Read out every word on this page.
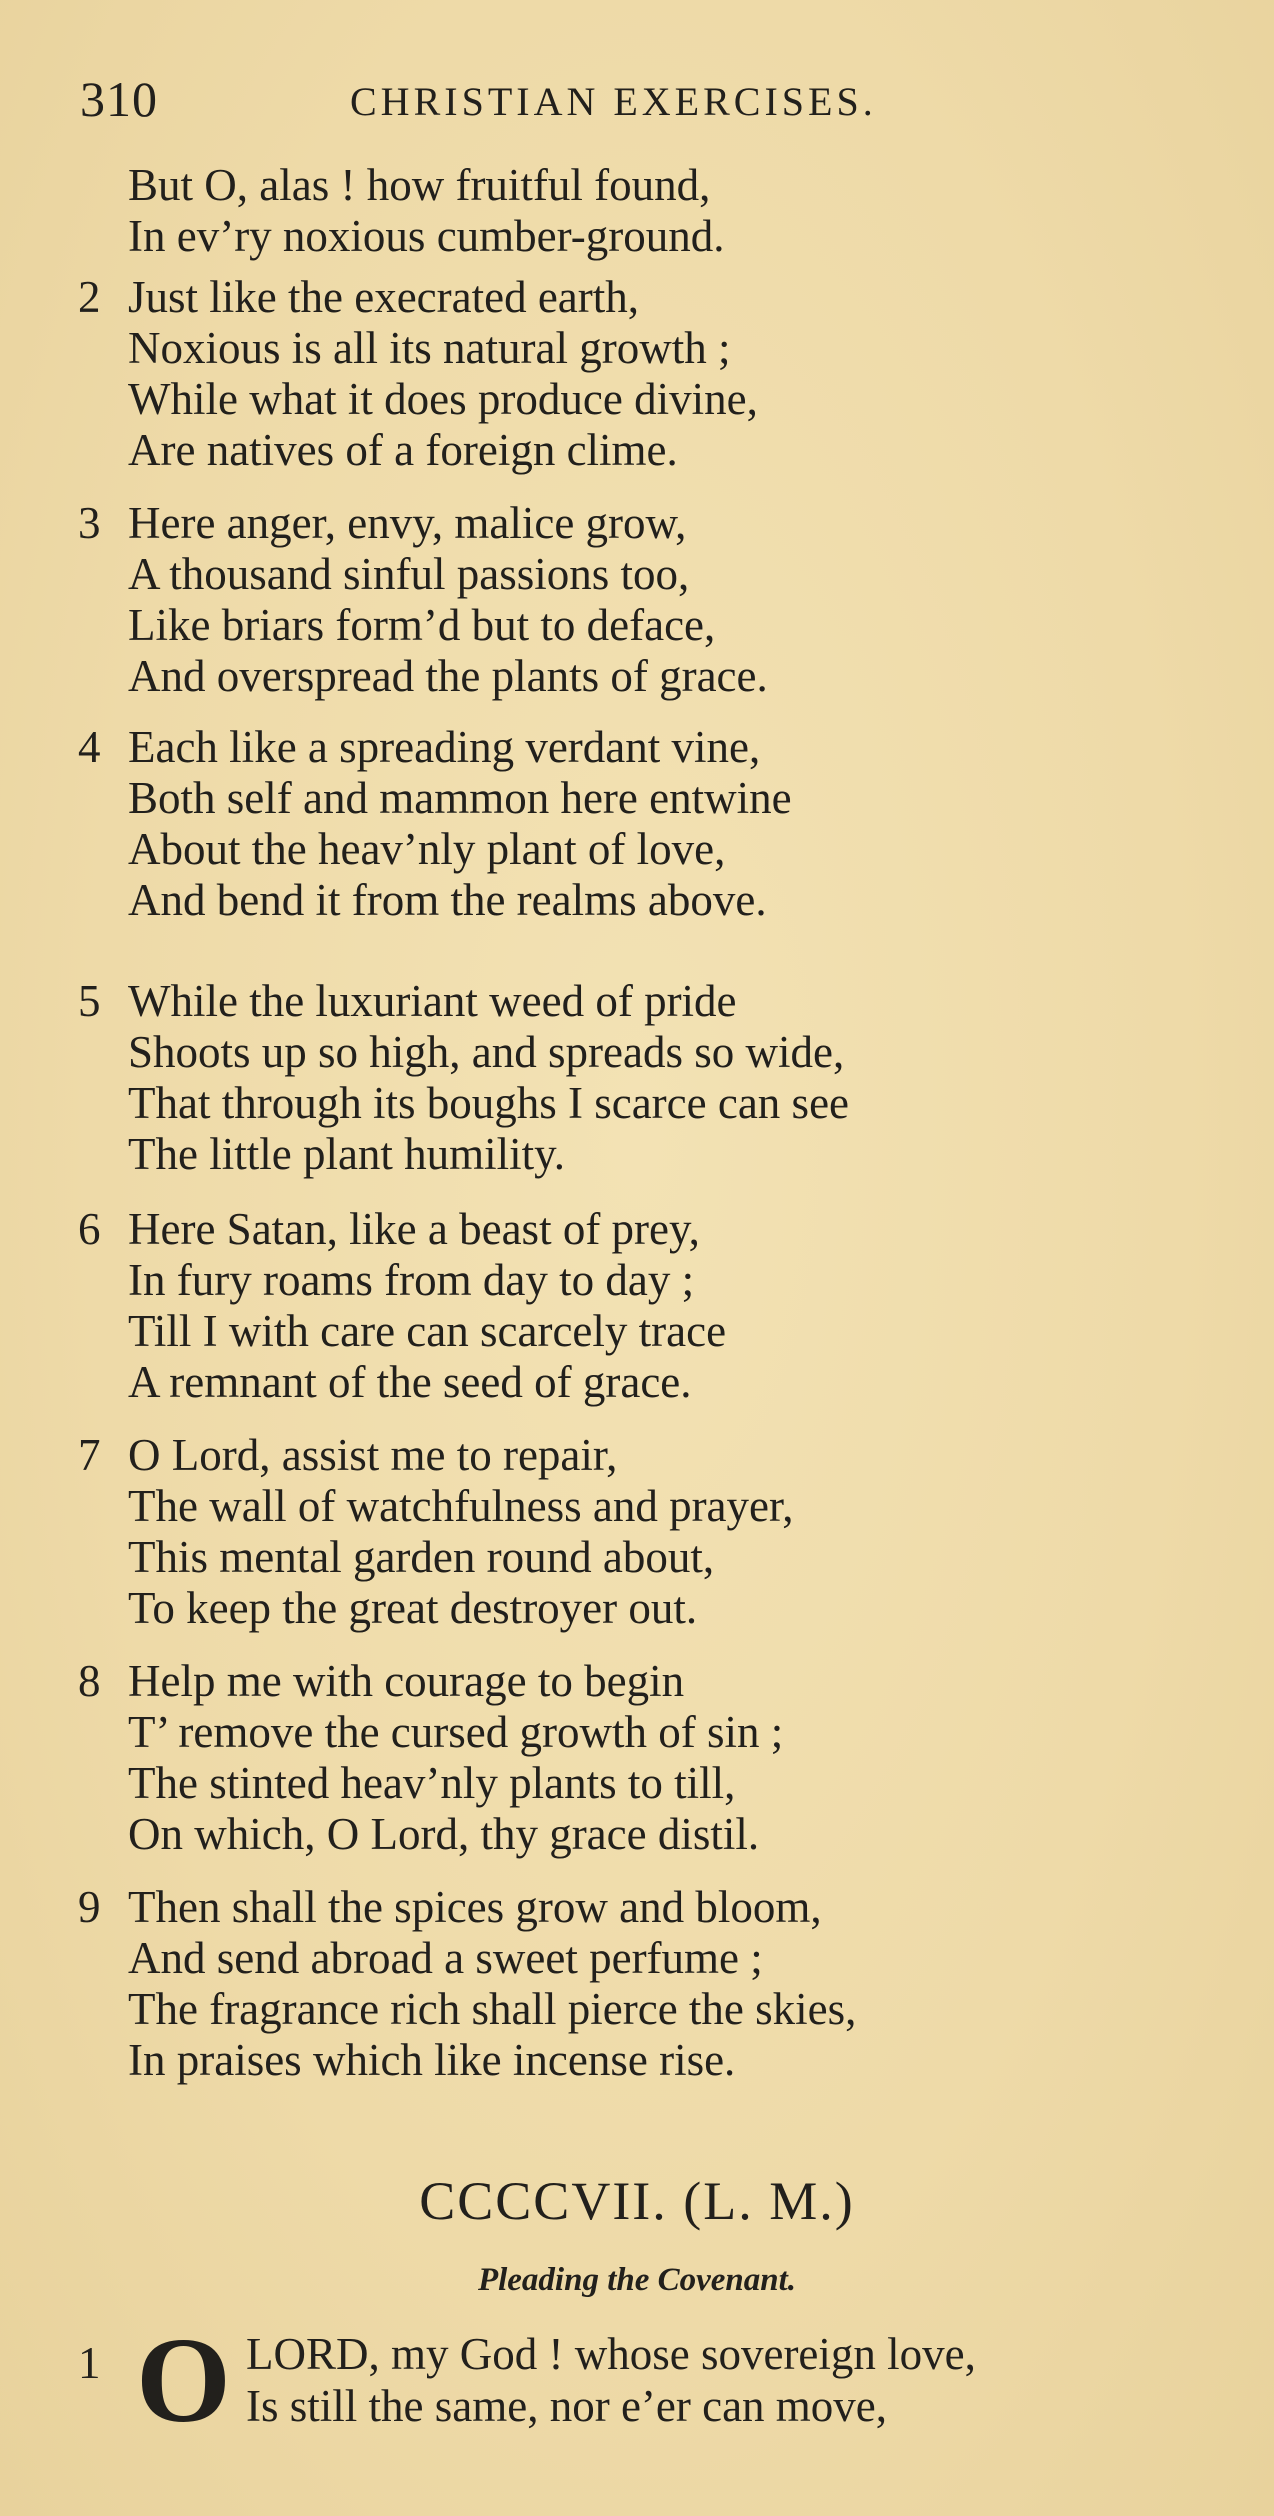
310	CHRISTIAN EXERCISES.
But O, alas ! how fruitful found,
In ev’ry noxious cumber-ground.
2 Just like the execrated earth,
Noxious is all its natural growth ;
While what it does produce divine,
Are natives of a foreign clime.
3 Here anger, envy, malice grow,
A thousand sinful passions too,
Like briars form’d but to deface,
And overspread the plants of grace.
4 Each like a spreading verdant vine,
Both self and mammon here entwine
About the heav’nly plant of love,
And bend it from the realms above.
5 While the luxuriant weed of pride
Shoots up so high, and spreads so wide,
That through its boughs I scarce can see
The little plant humility.
6 Here Satan, like a beast of prey,
In fury roams from day to day ;
Till I with care can scarcely trace
A remnant of the seed of grace.
7 O Lord, assist me to repair,
The wall of watchfulness and prayer,
This mental garden round about,
To keep the great destroyer out.
8 Help me with courage to begin
T’ remove the cursed growth of sin ;
The stinted heav’nly plants to till,
On which, O Lord, thy grace distil.
9 Then shall the spices grow and bloom,
And send abroad a sweet perfume ;
The fragrance rich shall pierce the skies,
In praises which like incense rise.
CCCCVII. (L. M.)
Pleading the Covenant.
1 O LORD, my God ! whose sovereign love,
Is still the same, nor e’er can move,
